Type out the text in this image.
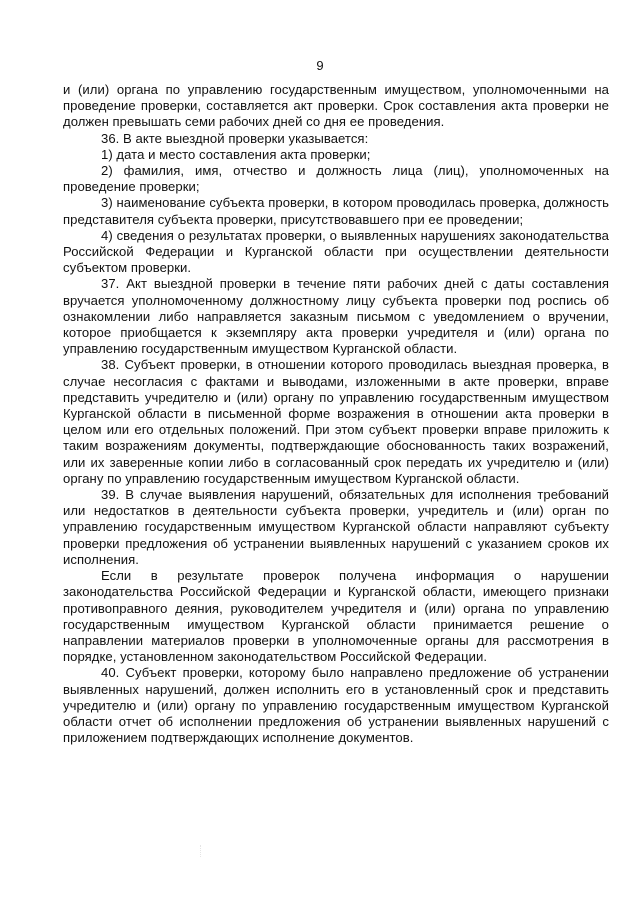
9

и (или) органа по управлению государственным имуществом, уполномоченными на проведение проверки, составляется акт проверки. Срок составления акта проверки не должен превышать семи рабочих дней со дня ее проведения.

36. В акте выездной проверки указывается:

1) дата и место составления акта проверки;

2) фамилия, имя, отчество и должность лица (лиц), уполномоченных на проведение проверки;

3) наименование субъекта проверки, в котором проводилась проверка, должность представителя субъекта проверки, присутствовавшего при ее проведении;

4) сведения о результатах проверки, о выявленных нарушениях законодательства Российской Федерации и Курганской области при осуществлении деятельности субъектом проверки.

37. Акт выездной проверки в течение пяти рабочих дней с даты составления вручается уполномоченному должностному лицу субъекта проверки под роспись об ознакомлении либо направляется заказным письмом с уведомлением о вручении, которое приобщается к экземпляру акта проверки учредителя и (или) органа по управлению государственным имуществом Курганской области.

38. Субъект проверки, в отношении которого проводилась выездная проверка, в случае несогласия с фактами и выводами, изложенными в акте проверки, вправе представить учредителю и (или) органу по управлению государственным имуществом Курганской области в письменной форме возражения в отношении акта проверки в целом или его отдельных положений. При этом субъект проверки вправе приложить к таким возражениям документы, подтверждающие обоснованность таких возражений, или их заверенные копии либо в согласованный срок передать их учредителю и (или) органу по управлению государственным имуществом Курганской области.

39. В случае выявления нарушений, обязательных для исполнения требований или недостатков в деятельности субъекта проверки, учредитель и (или) орган по управлению государственным имуществом Курганской области направляют субъекту проверки предложения об устранении выявленных нарушений с указанием сроков их исполнения.

Если в результате проверок получена информация о нарушении законодательства Российской Федерации и Курганской области, имеющего признаки противоправного деяния, руководителем учредителя и (или) органа по управлению государственным имуществом Курганской области принимается решение о направлении материалов проверки в уполномоченные органы для рассмотрения в порядке, установленном законодательством Российской Федерации.

40. Субъект проверки, которому было направлено предложение об устранении выявленных нарушений, должен исполнить его в установленный срок и представить учредителю и (или) органу по управлению государственным имуществом Курганской области отчет об исполнении предложения об устранении выявленных нарушений с приложением подтверждающих исполнение документов.
